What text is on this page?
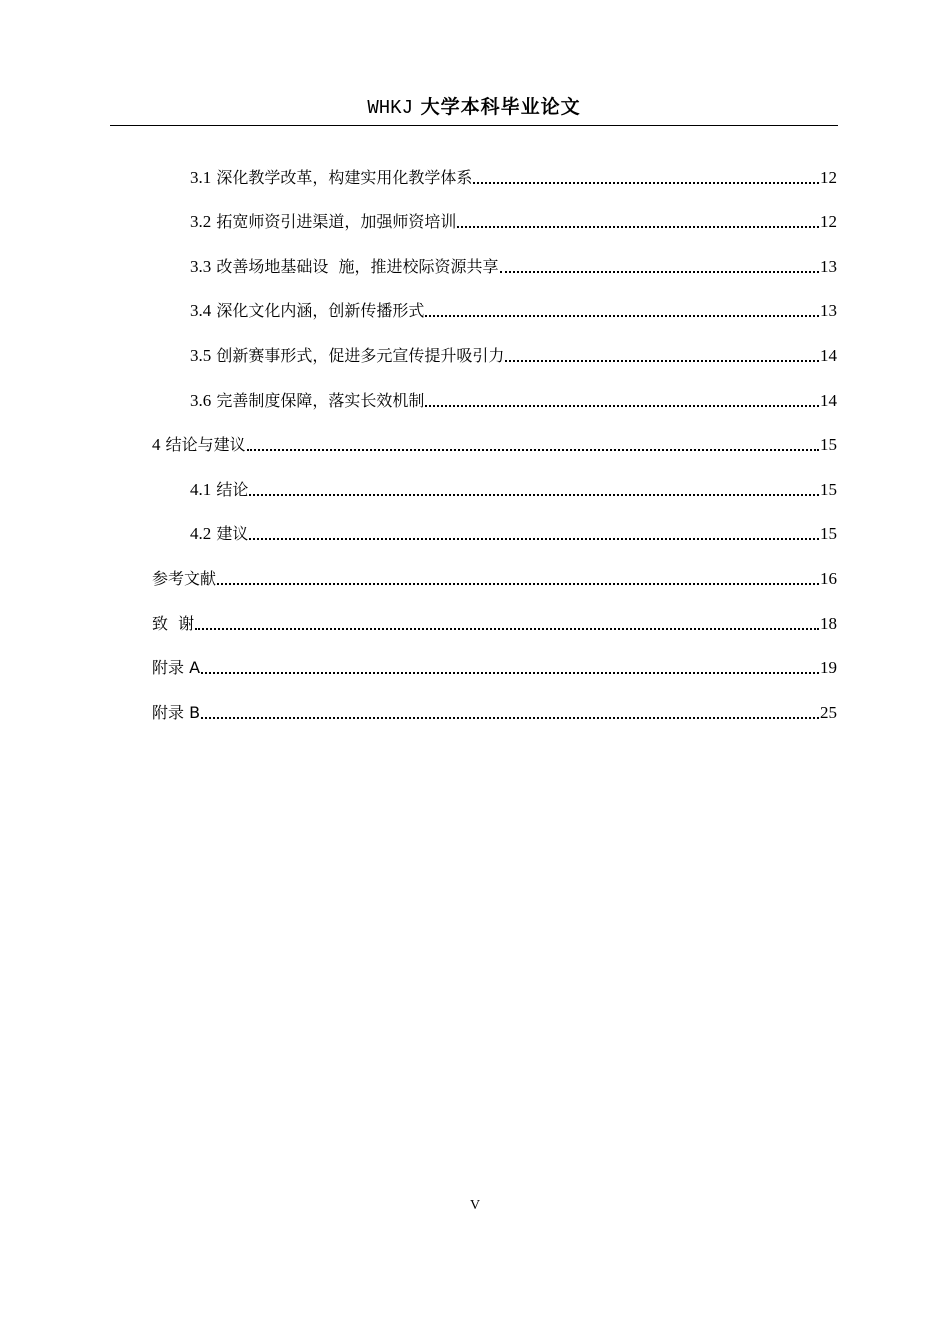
WHKJ 大学本科毕业论文
3.1 深化教学改革，构建实用化教学体系	12
3.2 拓宽师资引进渠道，加强师资培训	12
3.3 改善场地基础设  施，推进校际资源共享	13
3.4 深化文化内涵，创新传播形式	13
3.5 创新赛事形式，促进多元宣传提升吸引力	14
3.6 完善制度保障，落实长效机制	14
4 结论与建议	15
4.1 结论	15
4.2 建议	15
参考文献	16
致  谢	18
附录 A	19
附录 B	25
V
